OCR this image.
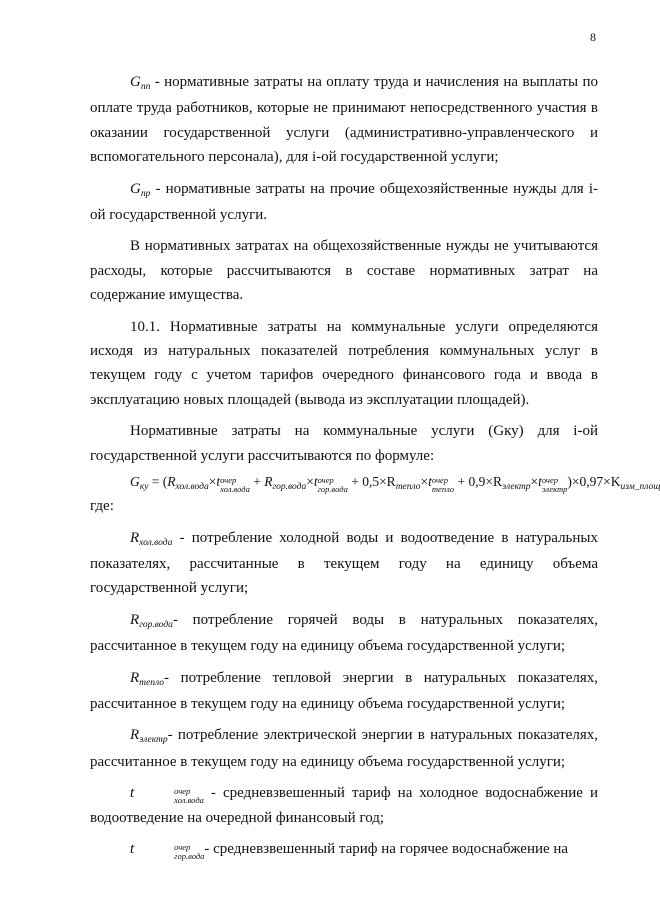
8

$G_{пп}$ - нормативные затраты на оплату труда и начисления на выплаты по оплате труда работников, которые не принимают непосредственного участия в оказании государственной услуги (административно-управленческого и вспомогательного персонала), для i-ой государственной услуги;

$G_{пр}$ - нормативные затраты на прочие общехозяйственные нужды для i-ой государственной услуги.

В нормативных затратах на общехозяйственные нужды не учитываются расходы, которые рассчитываются в составе нормативных затрат на содержание имущества.

10.1. Нормативные затраты на коммунальные услуги определяются исходя из натуральных показателей потребления коммунальных услуг в текущем году с учетом тарифов очередного финансового года и ввода в эксплуатацию новых площадей (вывода из эксплуатации площадей).

Нормативные затраты на коммунальные услуги (Gку) для i-ой государственной услуги рассчитываются по формуле:

$G_{ку} = (R_{хол.вода}\times t$ очер
хол.вода + $R_{гор.вода}\times t$ очер
гор.вода + $0,5\times R_{тепло}\times t$ очер
тепло + $0,9\times R_{электр}\times t$ очер
электр )$\times 0,97\times K_{изм\_площ}$

где:

$R_{хол.вода}$ - потребление холодной воды и водоотведение в натуральных показателях, рассчитанные в текущем году на единицу объема государственной услуги;

$R_{гор.вода}-$ потребление горячей воды в натуральных показателях, рассчитанное в текущем году на единицу объема государственной услуги;

$R_{тепло}-$ потребление тепловой энергии в натуральных показателях, рассчитанное в текущем году на единицу объема государственной услуги;

$R_{электр}-$ потребление электрической энергии в натуральных показателях, рассчитанное в текущем году на единицу объема государственной услуги;

t	очер
хол.вода - средневзвешенный тариф на холодное водоснабжение и водоотведение на очередной финансовый год;

t	очер
гор.вода - средневзвешенный тариф на горячее водоснабжение на
